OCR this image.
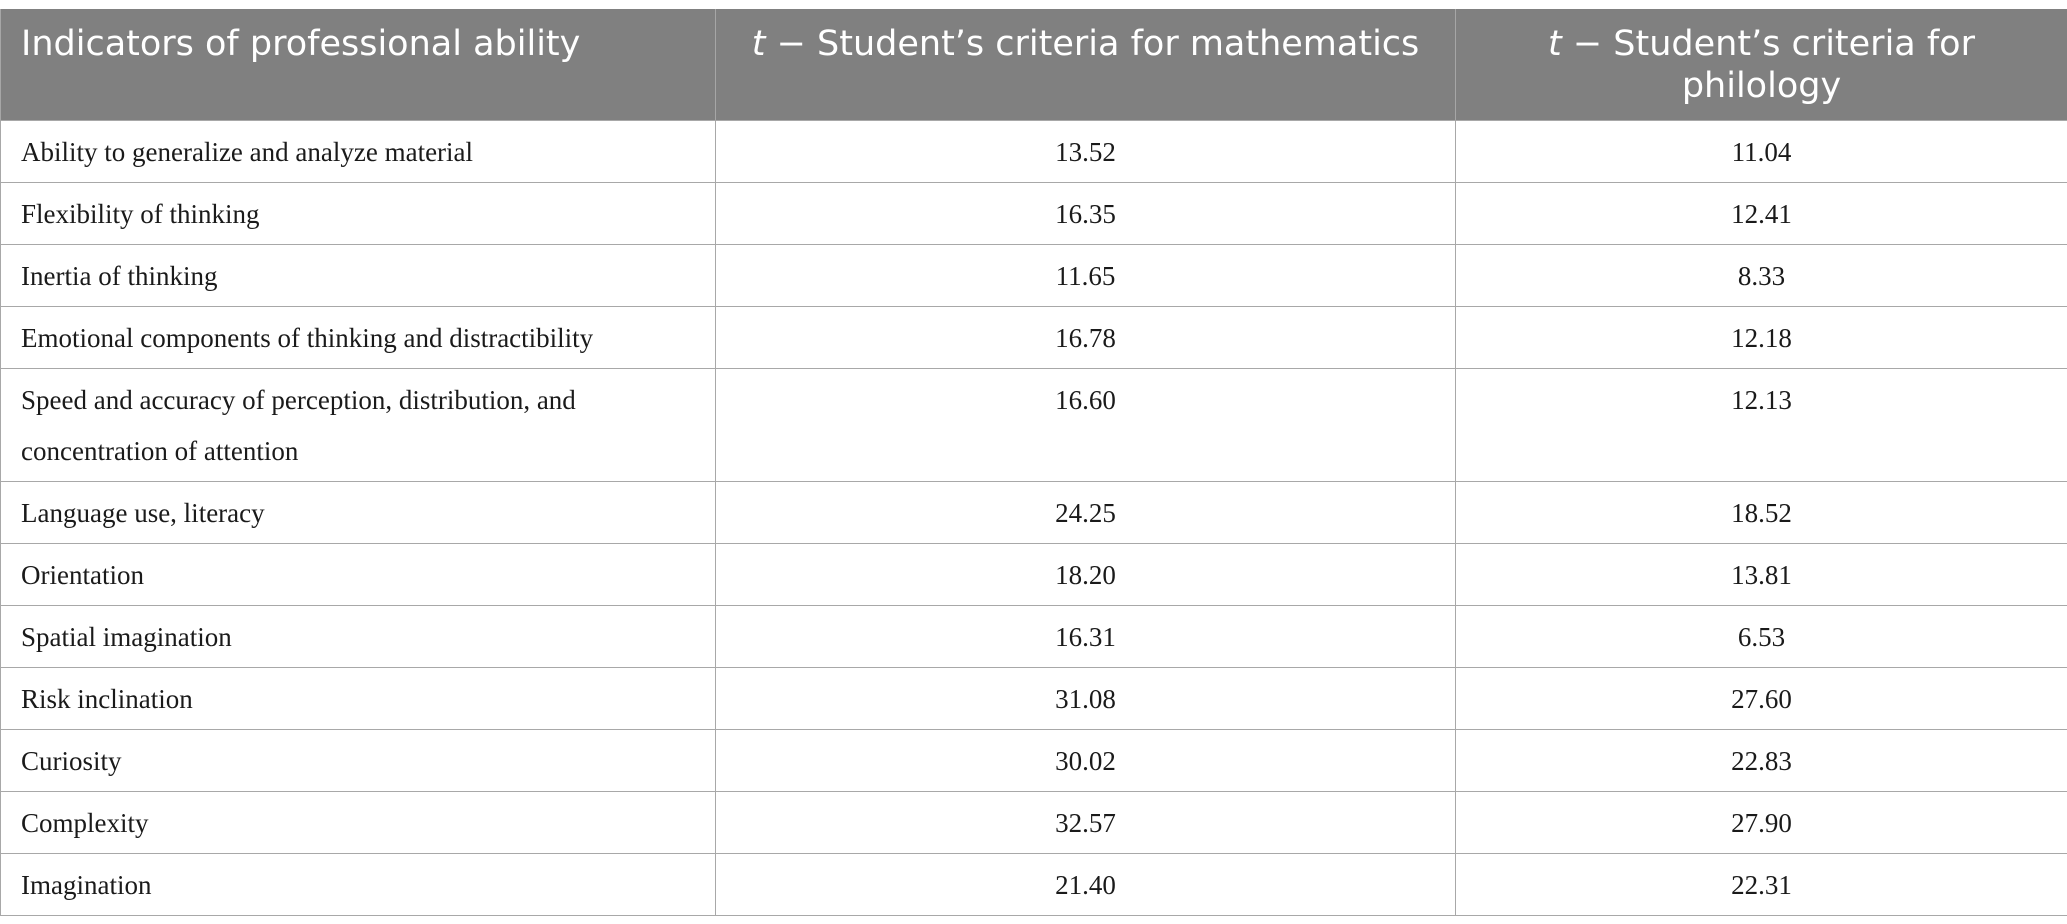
Indicators of professional ability	t − Student’s criteria for mathematics	t − Student’s criteria for philology
Ability to generalize and analyze material	13.52	11.04
Flexibility of thinking	16.35	12.41
Inertia of thinking	11.65	8.33
Emotional components of thinking and distractibility	16.78	12.18
Speed and accuracy of perception, distribution, and concentration of attention	16.60	12.13
Language use, literacy	24.25	18.52
Orientation	18.20	13.81
Spatial imagination	16.31	6.53
Risk inclination	31.08	27.60
Curiosity	30.02	22.83
Complexity	32.57	27.90
Imagination	21.40	22.31
